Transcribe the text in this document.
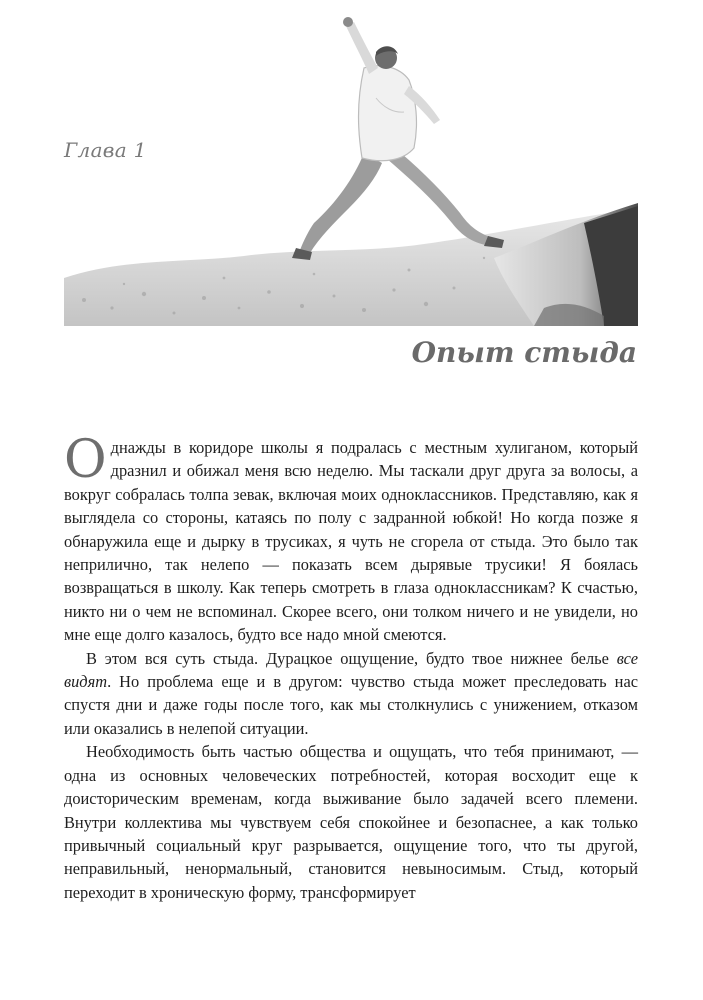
Глава 1
Опыт стыда

Однажды в коридоре школы я подралась с местным хулиганом, который дразнил и обижал меня всю неделю. Мы таскали друг друга за волосы, а вокруг собралась толпа зевак, включая моих одноклассников. Представляю, как я выглядела со стороны, катаясь по полу с задранной юбкой! Но когда позже я обнаружила еще и дырку в трусиках, я чуть не сгорела от стыда. Это было так неприлично, так нелепо — показать всем дырявые трусики! Я боялась возвращаться в школу. Как теперь смотреть в глаза одноклассникам? К счастью, никто ни о чем не вспоминал. Скорее всего, они толком ничего и не увидели, но мне еще долго казалось, будто все надо мной смеются.

В этом вся суть стыда. Дурацкое ощущение, будто твое нижнее белье все видят. Но проблема еще и в другом: чувство стыда может преследовать нас спустя дни и даже годы после того, как мы столкнулись с унижением, отказом или оказались в нелепой ситуации.

Необходимость быть частью общества и ощущать, что тебя принимают, — одна из основных человеческих потребностей, которая восходит еще к доисторическим временам, когда выживание было задачей всего племени. Внутри коллектива мы чувствуем себя спокойнее и безопаснее, а как только привычный социальный круг разрывается, ощущение того, что ты другой, неправильный, ненормальный, становится невыносимым. Стыд, который переходит в хроническую форму, трансформирует
